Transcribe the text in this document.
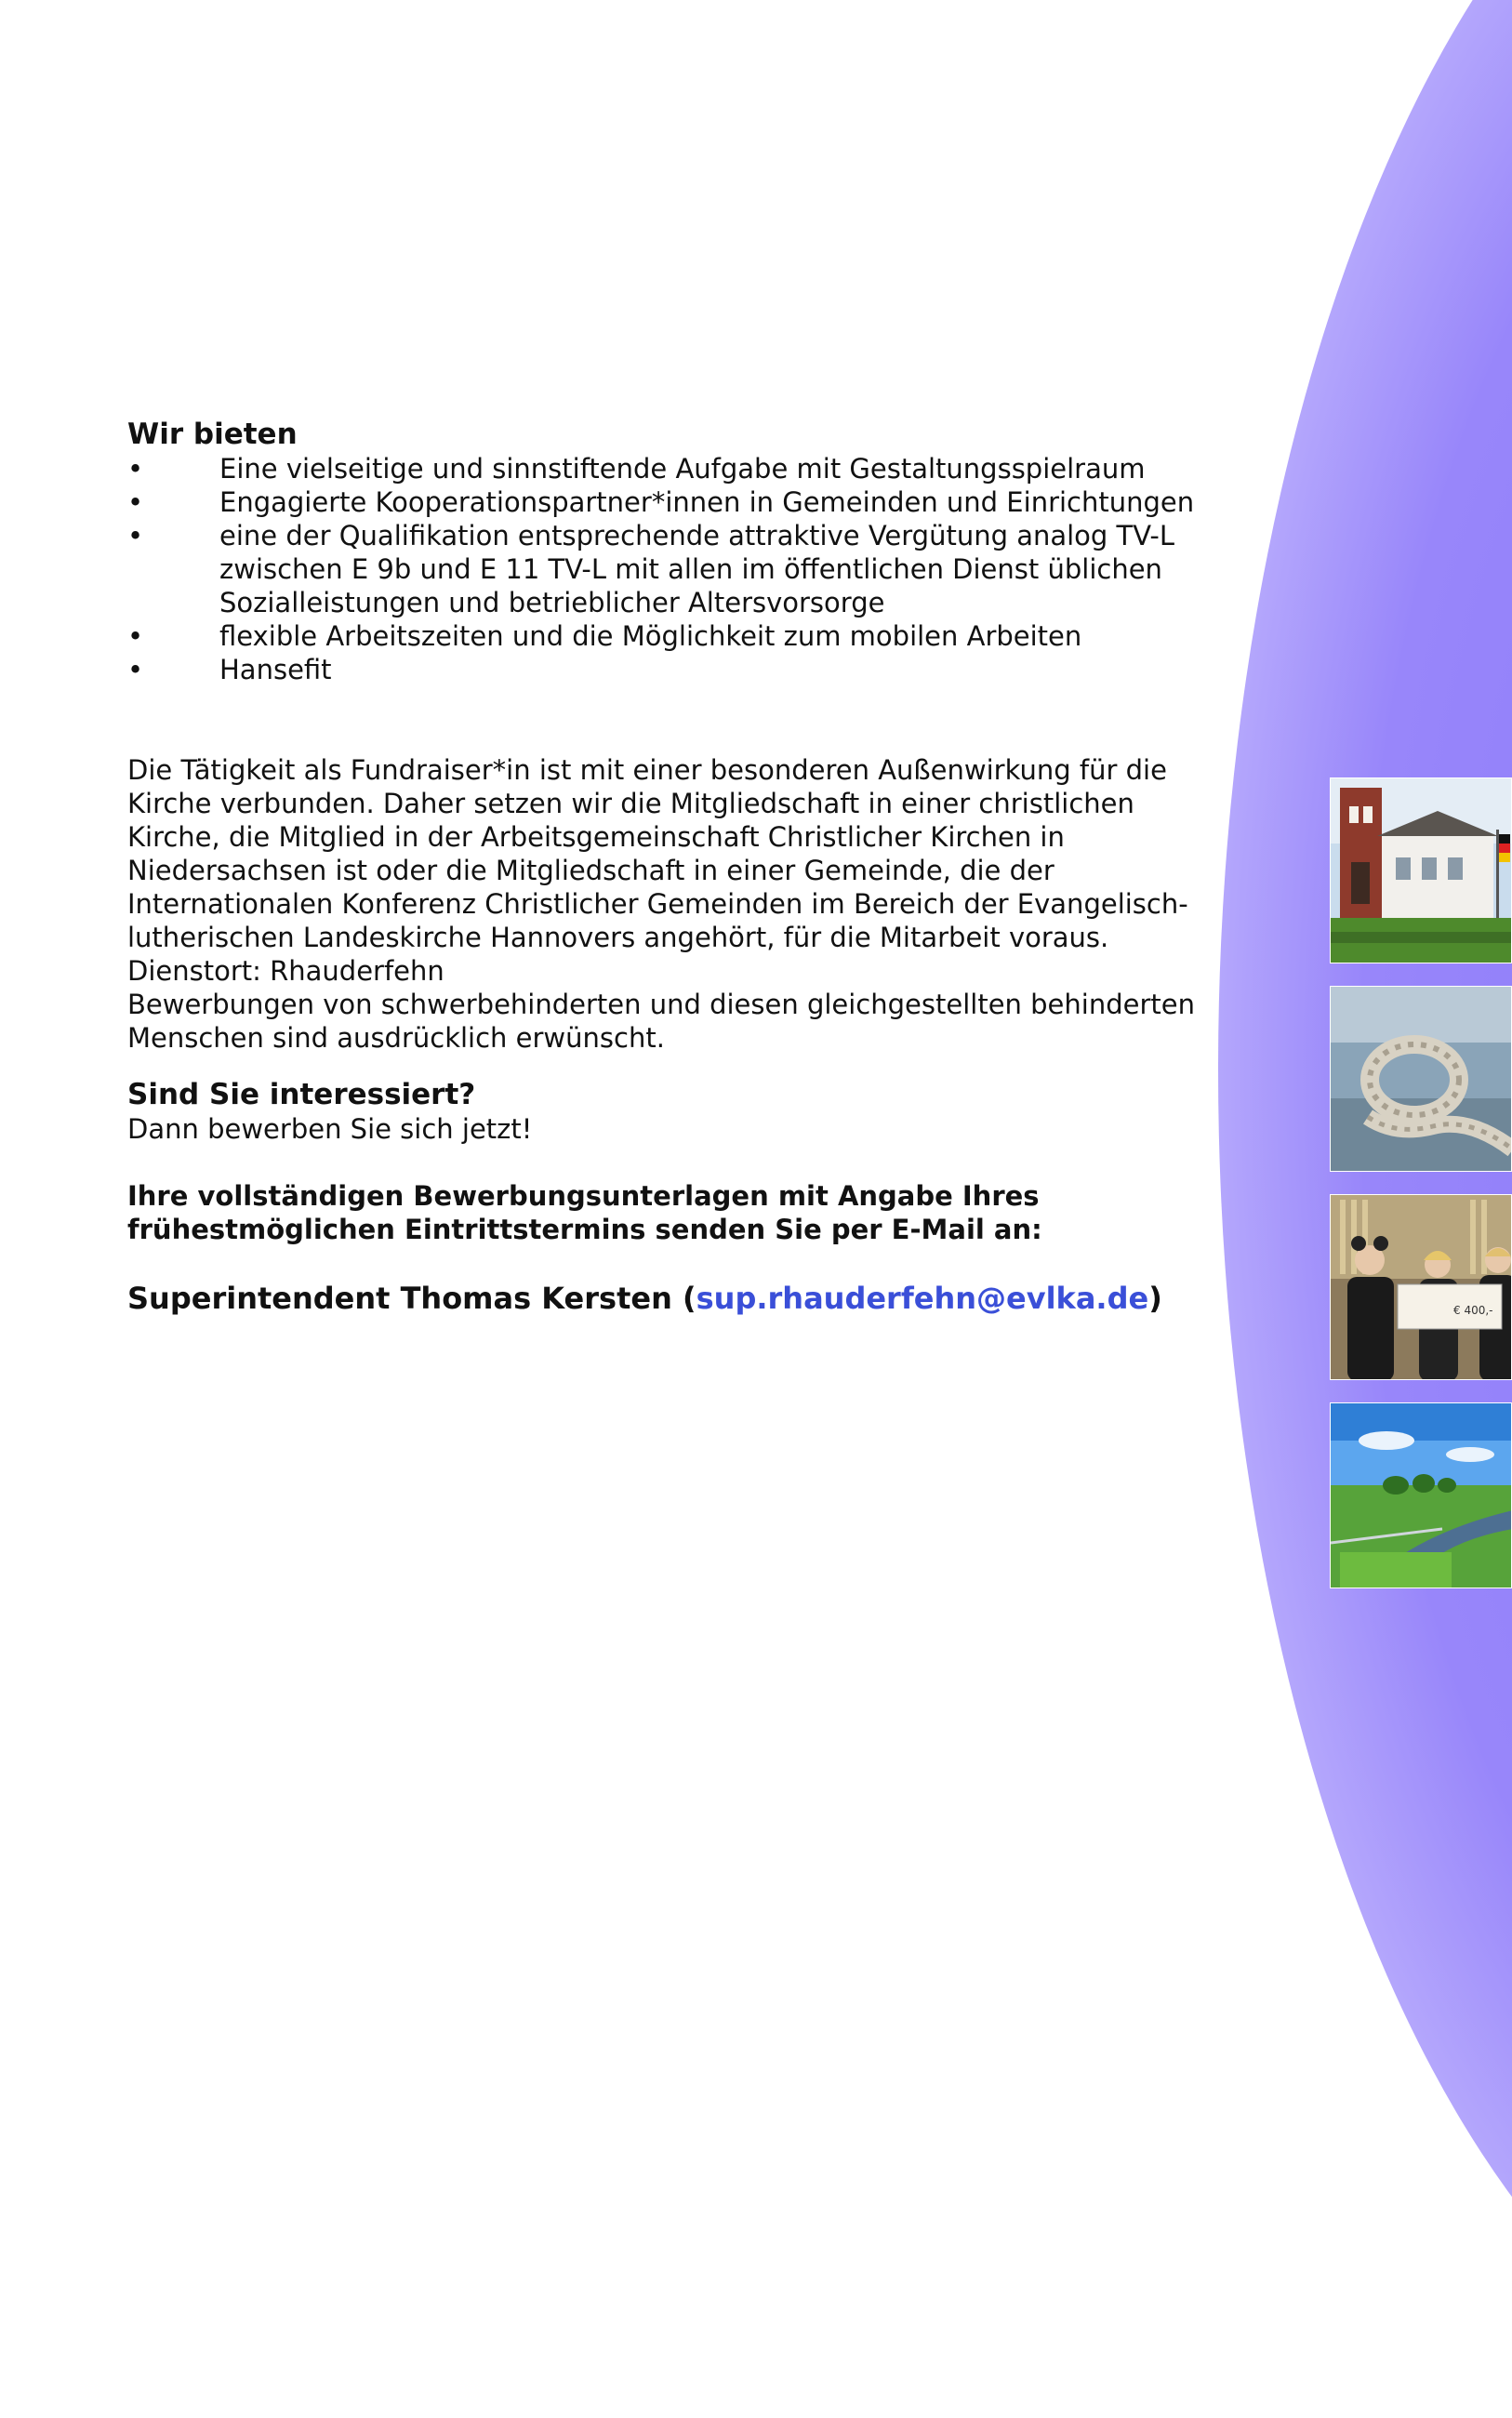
Wir bieten
•	Eine vielseitige und sinnstiftende Aufgabe mit Gestaltungsspielraum
•	Engagierte Kooperationspartner*innen in Gemeinden und Einrichtungen
•	eine der Qualifikation entsprechende attraktive Vergütung analog TV-L zwischen E 9b und E 11 TV-L mit allen im öffentlichen Dienst üblichen Sozialleistungen und betrieblicher Altersvorsorge
•	flexible Arbeitszeiten und die Möglichkeit zum mobilen Arbeiten
•	Hansefit

Die Tätigkeit als Fundraiser*in ist mit einer besonderen Außenwirkung für die Kirche verbunden. Daher setzen wir die Mitgliedschaft in einer christlichen Kirche, die Mitglied in der Arbeitsgemeinschaft Christlicher Kirchen in Niedersachsen ist oder die Mitgliedschaft in einer Gemeinde, die der Internationalen Konferenz Christlicher Gemeinden im Bereich der Evangelisch-lutherischen Landeskirche Hannovers angehört, für die Mitarbeit voraus.

Dienstort: Rhauderfehn

Bewerbungen von schwerbehinderten und diesen gleichgestellten behinderten Menschen sind ausdrücklich erwünscht.

Sind Sie interessiert?

Dann bewerben Sie sich jetzt!

Ihre vollständigen Bewerbungsunterlagen mit Angabe Ihres frühestmöglichen Eintrittstermins senden Sie per E-Mail an:

Superintendent Thomas Kersten (sup.rhauderfehn@evlka.de)	€ 400,-
